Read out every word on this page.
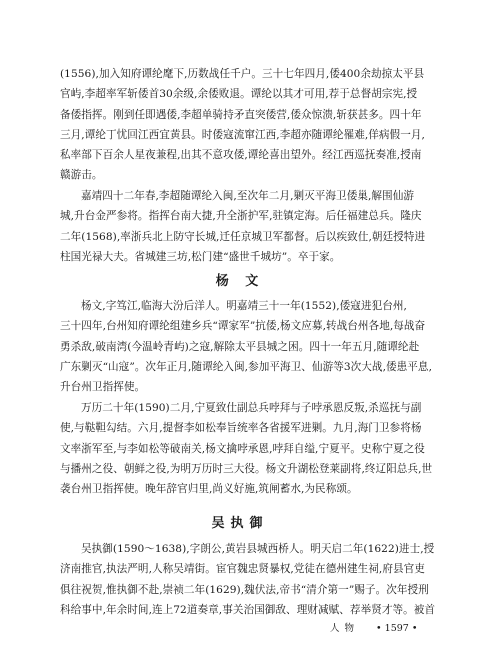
(1556),加入知府谭纶麾下,历数战任千户。三十七年四月,倭400余劫掠太平县
官屿,李超率军斩倭首30余级,余倭败退。谭纶以其才可用,荐于总督胡宗宪,授
备倭指挥。刚到任即遇倭,李超单骑持矛直突倭营,倭众惊溃,斩获甚多。四十年
三月,谭纶丁忧回江西宜黄县。时倭寇流窜江西,李超亦随谭纶罹难,佯病假一月,
私率部下百余人星夜兼程,出其不意攻倭,谭纶喜出望外。经江西巡抚奏准,授南
赣游击。
嘉靖四十二年春,李超随谭纶入闽,至次年二月,剿灭平海卫倭巢,解围仙游
城,升台金严参将。指挥台南大捷,升全浙护军,驻镇定海。后任福建总兵。隆庆
二年(1568),率浙兵北上防守长城,迁任京城卫军都督。后以疾致仕,朝廷授特进
柱国光禄大夫。省城建三坊,松门建“盛世千城坊”。卒于家。
杨 文
杨文,字笃江,临海大汾后洋人。明嘉靖三十一年(1552),倭寇进犯台州,
三十四年,台州知府谭纶组建乡兵“谭家军”抗倭,杨文应募,转战台州各地,每战奋
勇杀敌,破南湾(今温岭青屿)之寇,解除太平县城之困。四十一年五月,随谭纶赴
广东剿灭“山寇”。次年正月,随谭纶入闽,参加平海卫、仙游等3次大战,倭患平息,
升台州卫指挥使。
万历二十年(1590)二月,宁夏致仕副总兵哱拜与子哱承恩反叛,杀巡抚与副
使,与鞑靼勾结。六月,提督李如松奉旨统率各省援军进剿。九月,海门卫参将杨
文率浙军至,与李如松等破南关,杨文擒哱承恩,哱拜自缢,宁夏平。史称宁夏之役
与播州之役、朝鲜之役,为明万历时三大役。杨文升湖松登莱副将,终辽阳总兵,世
袭台州卫指挥使。晚年辞官归里,尚义好施,筑闸蓄水,为民称颂。
吴执御
吴执御(1590～1638),字朗公,黄岩县城西桥人。明天启二年(1622)进士,授
济南推官,执法严明,人称吴靖街。宦官魏忠贤暴权,党徒在德州建生祠,府县官吏
俱往祝贺,惟执御不赴,崇祯二年(1629),魏伏法,帝书“清介第一”赐子。次年授刑
科给事中,年余时间,连上72道奏章,事关治国御敌、理财减赋、荐举贤才等。被首
人物 • 1597 •
